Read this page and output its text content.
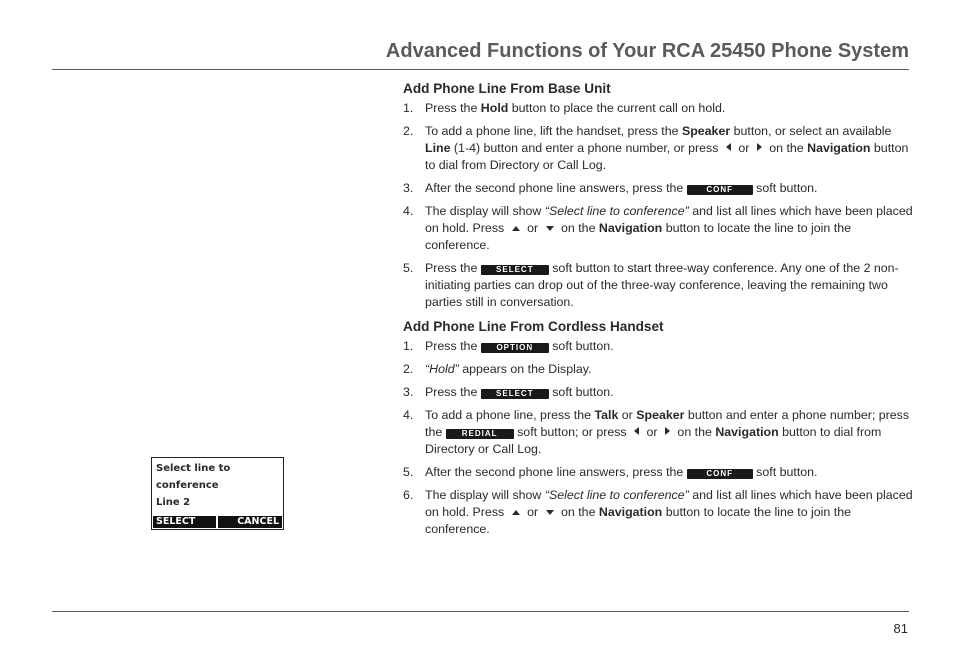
Advanced Functions of Your RCA 25450 Phone System
Add Phone Line From Base Unit
1. Press the Hold button to place the current call on hold.
2. To add a phone line, lift the handset, press the Speaker button, or select an available Line (1-4) button and enter a phone number, or press  or  on the Navigation button to dial from Directory or Call Log.
3. After the second phone line answers, press the CONF soft button.
4. The display will show “Select line to conference” and list all lines which have been placed on hold. Press  or  on the Navigation button to locate the line to join the conference.
5. Press the SELECT soft button to start three-way conference. Any one of the 2 non-initiating parties can drop out of the three-way conference, leaving the remaining two parties still in conversation.
Add Phone Line From Cordless Handset
1. Press the OPTION soft button.
2. “Hold” appears on the Display.
3. Press the SELECT soft button.
4. To add a phone line, press the Talk or Speaker button and enter a phone number; press the REDIAL soft button; or press  or  on the Navigation button to dial from Directory or Call Log.
5. After the second phone line answers, press the CONF soft button.
6. The display will show “Select line to conference” and list all lines which have been placed on hold. Press  or  on the Navigation button to locate the line to join the conference.
Select line to
conference
Line 2
SELECT	CANCEL
81
